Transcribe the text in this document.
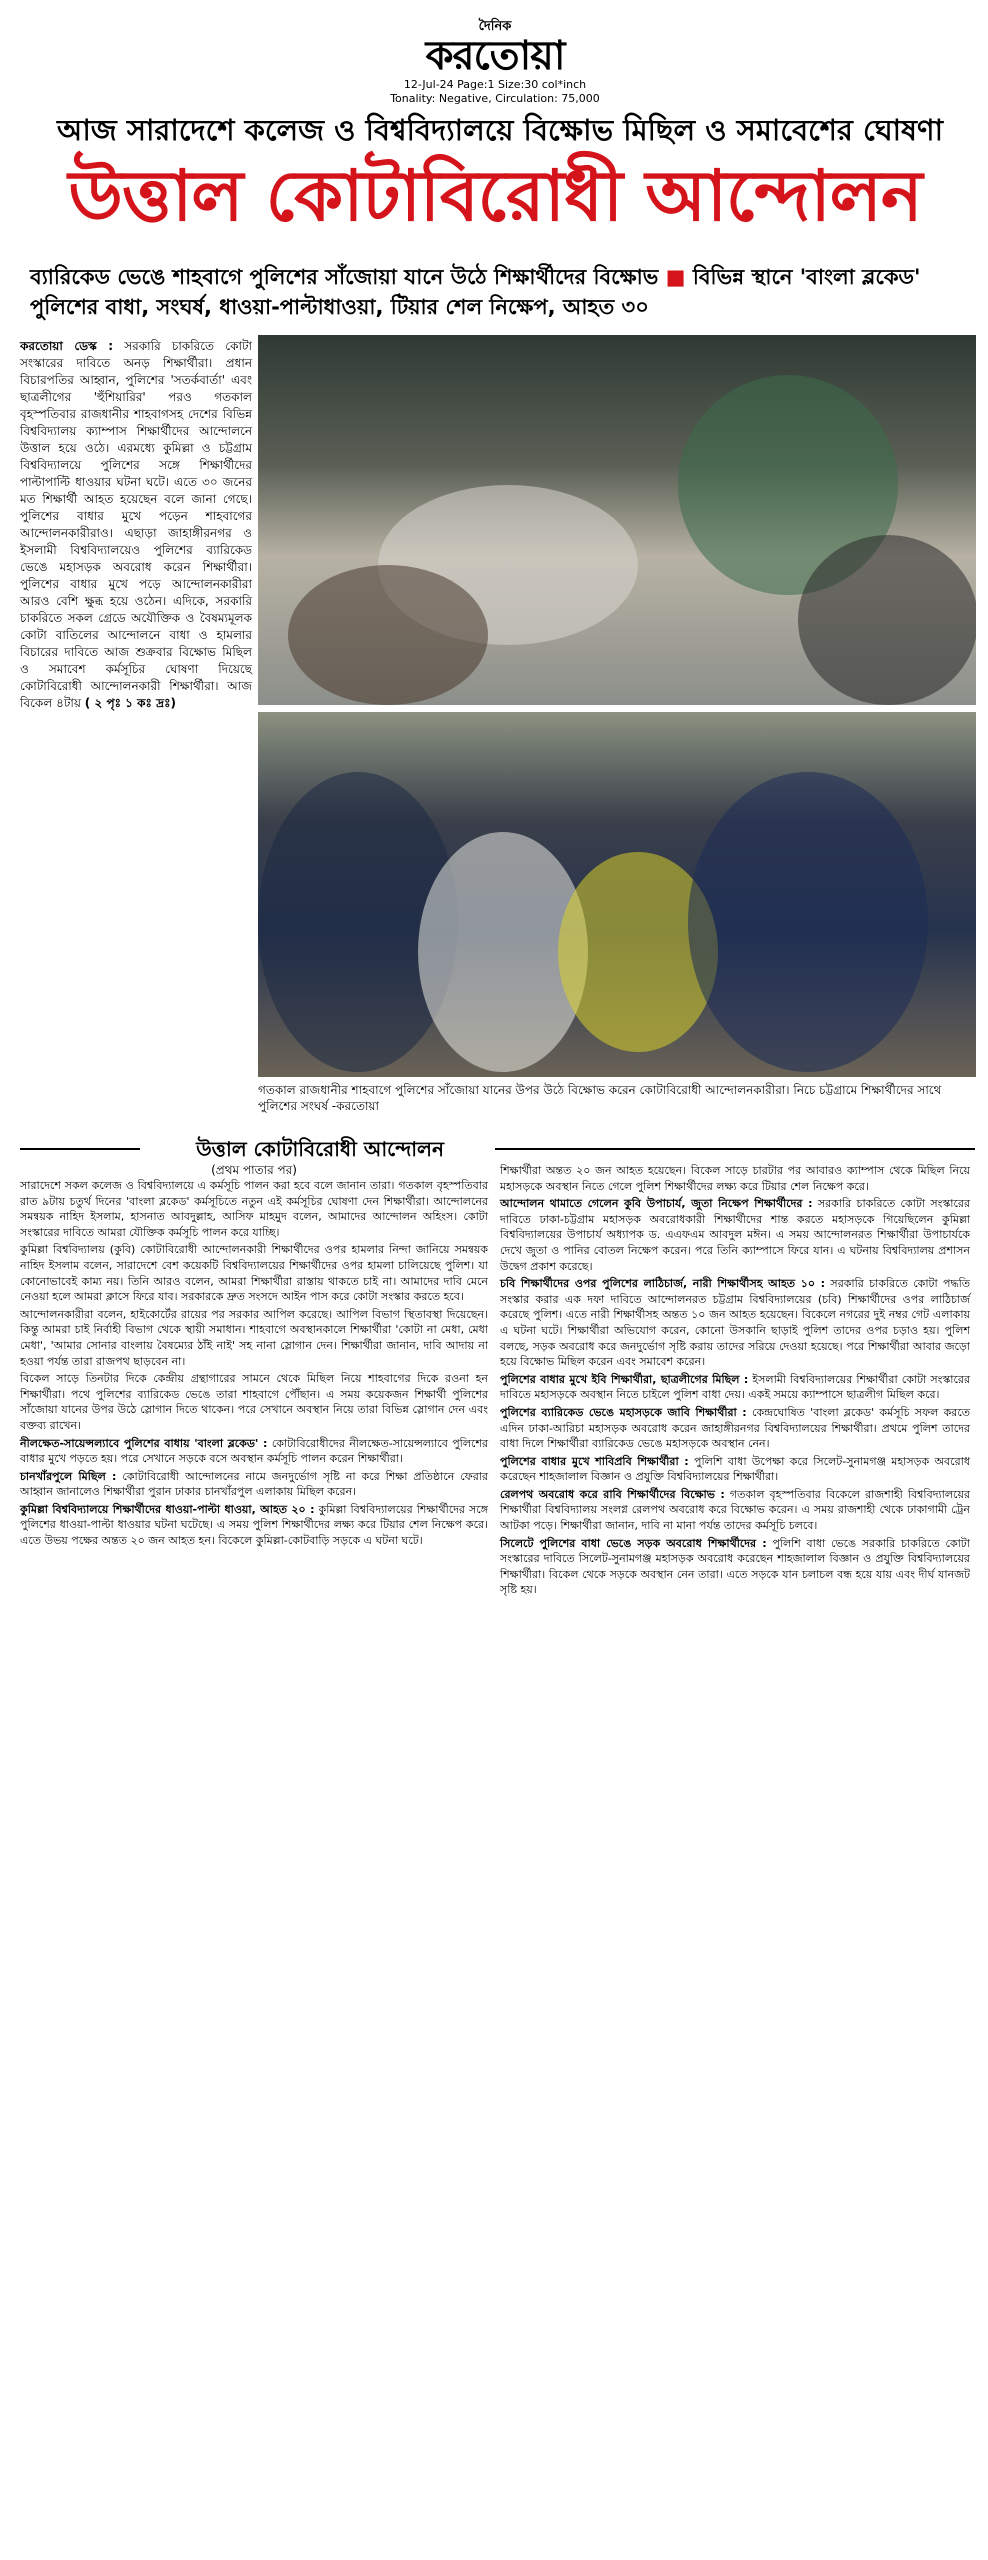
দৈনিক
করতোয়া
12-Jul-24 Page:1 Size:30 col*inch
Tonality: Negative, Circulation: 75,000
আজ সারাদেশে কলেজ ও বিশ্ববিদ্যালয়ে বিক্ষোভ মিছিল ও সমাবেশের ঘোষণা
উত্তাল কোটাবিরোধী আন্দোলন
ব্যারিকেড ভেঙে শাহবাগে পুলিশের সাঁজোয়া যানে উঠে শিক্ষার্থীদের বিক্ষোভ ■ বিভিন্ন স্থানে 'বাংলা ব্লকেড' পুলিশের বাধা, সংঘর্ষ, ধাওয়া-পাল্টাধাওয়া, টিয়ার শেল নিক্ষেপ, আহত ৩০
করতোয়া ডেস্ক : সরকারি চাকরিতে কোটা সংস্কারের দাবিতে অনড় শিক্ষার্থীরা। প্রধান বিচারপতির আহ্বান, পুলিশের 'সতর্কবার্তা' এবং ছাত্রলীগের 'হুঁশিয়ারির' পরও গতকাল বৃহস্পতিবার রাজধানীর শাহবাগসহ দেশের বিভিন্ন বিশ্ববিদ্যালয় ক্যাম্পাস শিক্ষার্থীদের আন্দোলনে উত্তাল হয়ে ওঠে। এরমধ্যে কুমিল্লা ও চট্টগ্রাম বিশ্ববিদ্যালয়ে পুলিশের সঙ্গে শিক্ষার্থীদের পাল্টাপাল্টি ধাওয়ার ঘটনা ঘটে। এতে ৩০ জনের মত শিক্ষার্থী আহত হয়েছেন বলে জানা গেছে। পুলিশের বাধার মুখে পড়েন শাহবাগের আন্দোলনকারীরাও। এছাড়া জাহাঙ্গীরনগর ও ইসলামী বিশ্ববিদ্যালয়েও পুলিশের ব্যারিকেড ভেঙে মহাসড়ক অবরোধ করেন শিক্ষার্থীরা। পুলিশের বাধার মুখে পড়ে আন্দোলনকারীরা আরও বেশি ক্ষুব্ধ হয়ে ওঠেন। এদিকে, সরকারি চাকরিতে সকল গ্রেডে অযৌক্তিক ও বৈষম্যমূলক কোটা বাতিলের আন্দোলনে বাধা ও হামলার বিচারের দাবিতে আজ শুক্রবার বিক্ষোভ মিছিল ও সমাবেশ কর্মসূচির ঘোষণা দিয়েছে কোটাবিরোধী আন্দোলনকারী শিক্ষার্থীরা। আজ বিকেল ৪টায় ( ২ পৃঃ ১ কঃ দ্রঃ)
গতকাল রাজধানীর শাহবাগে পুলিশের সাঁজোয়া যানের উপর উঠে বিক্ষোভ করেন কোটাবিরোধী আন্দোলনকারীরা। নিচে চট্টগ্রামে শিক্ষার্থীদের সাথে পুলিশের সংঘর্ষ -করতোয়া
উত্তাল কোটাবিরোধী আন্দোলন
(প্রথম পাতার পর)

সারাদেশে সকল কলেজ ও বিশ্ববিদ্যালয়ে এ কর্মসূচি পালন করা হবে বলে জানান তারা। গতকাল বৃহস্পতিবার রাত ৯টায় চতুর্থ দিনের 'বাংলা ব্লকেড' কর্মসূচিতে নতুন এই কর্মসূচির ঘোষণা দেন শিক্ষার্থীরা। আন্দোলনের সমন্বয়ক নাহিদ ইসলাম, হাসনাত আবদুল্লাহ, আসিফ মাহমুদ বলেন, আমাদের আন্দোলন অহিংস। কোটা সংস্কারের দাবিতে আমরা যৌক্তিক কর্মসূচি পালন করে যাচ্ছি।

কুমিল্লা বিশ্ববিদ্যালয় (কুবি) কোটাবিরোধী আন্দোলনকারী শিক্ষার্থীদের ওপর হামলার নিন্দা জানিয়ে সমন্বয়ক নাহিদ ইসলাম বলেন, সারাদেশে বেশ কয়েকটি বিশ্ববিদ্যালয়ের শিক্ষার্থীদের ওপর হামলা চালিয়েছে পুলিশ। যা কোনোভাবেই কাম্য নয়। তিনি আরও বলেন, আমরা শিক্ষার্থীরা রাস্তায় থাকতে চাই না। আমাদের দাবি মেনে নেওয়া হলে আমরা ক্লাসে ফিরে যাব। সরকারকে দ্রুত সংসদে আইন পাস করে কোটা সংস্কার করতে হবে।

আন্দোলনকারীরা বলেন, হাইকোর্টের রায়ের পর সরকার আপিল করেছে। আপিল বিভাগ স্থিতাবস্থা দিয়েছেন। কিন্তু আমরা চাই নির্বাহী বিভাগ থেকে স্থায়ী সমাধান। শাহবাগে অবস্থানকালে শিক্ষার্থীরা 'কোটা না মেধা, মেধা মেধা', 'আমার সোনার বাংলায় বৈষম্যের ঠাঁই নাই' সহ নানা স্লোগান দেন। শিক্ষার্থীরা জানান, দাবি আদায় না হওয়া পর্যন্ত তারা রাজপথ ছাড়বেন না।

বিকেল সাড়ে তিনটার দিকে কেন্দ্রীয় গ্রন্থাগারের সামনে থেকে মিছিল নিয়ে শাহবাগের দিকে রওনা হন শিক্ষার্থীরা। পথে পুলিশের ব্যারিকেড ভেঙে তারা শাহবাগে পৌঁছান। এ সময় কয়েকজন শিক্ষার্থী পুলিশের সাঁজোয়া যানের উপর উঠে স্লোগান দিতে থাকেন। পরে সেখানে অবস্থান নিয়ে তারা বিভিন্ন স্লোগান দেন এবং বক্তব্য রাখেন।

নীলক্ষেত-সায়েন্সল্যাবে পুলিশের বাধায় 'বাংলা ব্লকেড' : কোটাবিরোধীদের নীলক্ষেত-সায়েন্সল্যাবে পুলিশের বাধার মুখে পড়তে হয়। পরে সেখানে সড়কে বসে অবস্থান কর্মসূচি পালন করেন শিক্ষার্থীরা।

চানখাঁরপুলে মিছিল : কোটাবিরোধী আন্দোলনের নামে জনদুর্ভোগ সৃষ্টি না করে শিক্ষা প্রতিষ্ঠানে ফেরার আহ্বান জানালেও শিক্ষার্থীরা পুরান ঢাকার চানখাঁরপুল এলাকায় মিছিল করেন।

কুমিল্লা বিশ্ববিদ্যালয়ে শিক্ষার্থীদের ধাওয়া-পাল্টা ধাওয়া, আহত ২০ : কুমিল্লা বিশ্ববিদ্যালয়ের শিক্ষার্থীদের সঙ্গে পুলিশের ধাওয়া-পাল্টা ধাওয়ার ঘটনা ঘটেছে। এ সময় পুলিশ শিক্ষার্থীদের লক্ষ্য করে টিয়ার শেল নিক্ষেপ করে। এতে উভয় পক্ষের অন্তত ২০ জন আহত হন। বিকেলে কুমিল্লা-কোটবাড়ি সড়কে এ ঘটনা ঘটে।

শিক্ষার্থীরা অন্তত ২০ জন আহত হয়েছেন। বিকেল সাড়ে চারটার পর আবারও ক্যাম্পাস থেকে মিছিল নিয়ে মহাসড়কে অবস্থান নিতে গেলে পুলিশ শিক্ষার্থীদের লক্ষ্য করে টিয়ার শেল নিক্ষেপ করে।

আন্দোলন থামাতে গেলেন কুবি উপাচার্য, জুতা নিক্ষেপ শিক্ষার্থীদের : সরকারি চাকরিতে কোটা সংস্কারের দাবিতে ঢাকা-চট্টগ্রাম মহাসড়ক অবরোধকারী শিক্ষার্থীদের শান্ত করতে মহাসড়কে গিয়েছিলেন কুমিল্লা বিশ্ববিদ্যালয়ের উপাচার্য অধ্যাপক ড. এএফএম আবদুল মঈন। এ সময় আন্দোলনরত শিক্ষার্থীরা উপাচার্যকে দেখে জুতা ও পানির বোতল নিক্ষেপ করেন। পরে তিনি ক্যাম্পাসে ফিরে যান। এ ঘটনায় বিশ্ববিদ্যালয় প্রশাসন উদ্বেগ প্রকাশ করেছে।

চবি শিক্ষার্থীদের ওপর পুলিশের লাঠিচার্জ, নারী শিক্ষার্থীসহ আহত ১০ : সরকারি চাকরিতে কোটা পদ্ধতি সংস্কার করার এক দফা দাবিতে আন্দোলনরত চট্টগ্রাম বিশ্ববিদ্যালয়ের (চবি) শিক্ষার্থীদের ওপর লাঠিচার্জ করেছে পুলিশ। এতে নারী শিক্ষার্থীসহ অন্তত ১০ জন আহত হয়েছেন। বিকেলে নগরের দুই নম্বর গেট এলাকায় এ ঘটনা ঘটে। শিক্ষার্থীরা অভিযোগ করেন, কোনো উসকানি ছাড়াই পুলিশ তাদের ওপর চড়াও হয়। পুলিশ বলছে, সড়ক অবরোধ করে জনদুর্ভোগ সৃষ্টি করায় তাদের সরিয়ে দেওয়া হয়েছে। পরে শিক্ষার্থীরা আবার জড়ো হয়ে বিক্ষোভ মিছিল করেন এবং সমাবেশ করেন।

পুলিশের বাধার মুখে ইবি শিক্ষার্থীরা, ছাত্রলীগের মিছিল : ইসলামী বিশ্ববিদ্যালয়ের শিক্ষার্থীরা কোটা সংস্কারের দাবিতে মহাসড়কে অবস্থান নিতে চাইলে পুলিশ বাধা দেয়। একই সময়ে ক্যাম্পাসে ছাত্রলীগ মিছিল করে।

পুলিশের ব্যারিকেড ভেঙে মহাসড়কে জাবি শিক্ষার্থীরা : কেন্দ্রঘোষিত 'বাংলা ব্লকেড' কর্মসূচি সফল করতে এদিন ঢাকা-আরিচা মহাসড়ক অবরোধ করেন জাহাঙ্গীরনগর বিশ্ববিদ্যালয়ের শিক্ষার্থীরা। প্রথমে পুলিশ তাদের বাধা দিলে শিক্ষার্থীরা ব্যারিকেড ভেঙে মহাসড়কে অবস্থান নেন।

পুলিশের বাধার মুখে শাবিপ্রবি শিক্ষার্থীরা : পুলিশি বাধা উপেক্ষা করে সিলেট-সুনামগঞ্জ মহাসড়ক অবরোধ করেছেন শাহজালাল বিজ্ঞান ও প্রযুক্তি বিশ্ববিদ্যালয়ের শিক্ষার্থীরা।

রেলপথ অবরোধ করে রাবি শিক্ষার্থীদের বিক্ষোভ : গতকাল বৃহস্পতিবার বিকেলে রাজশাহী বিশ্ববিদ্যালয়ের শিক্ষার্থীরা বিশ্ববিদ্যালয় সংলগ্ন রেলপথ অবরোধ করে বিক্ষোভ করেন। এ সময় রাজশাহী থেকে ঢাকাগামী ট্রেন আটকা পড়ে। শিক্ষার্থীরা জানান, দাবি না মানা পর্যন্ত তাদের কর্মসূচি চলবে।

সিলেটে পুলিশের বাধা ভেঙে সড়ক অবরোধ শিক্ষার্থীদের : পুলিশি বাধা ভেঙে সরকারি চাকরিতে কোটা সংস্কারের দাবিতে সিলেট-সুনামগঞ্জ মহাসড়ক অবরোধ করেছেন শাহজালাল বিজ্ঞান ও প্রযুক্তি বিশ্ববিদ্যালয়ের শিক্ষার্থীরা। বিকেল থেকে সড়কে অবস্থান নেন তারা। এতে সড়কে যান চলাচল বন্ধ হয়ে যায় এবং দীর্ঘ যানজট সৃষ্টি হয়।
